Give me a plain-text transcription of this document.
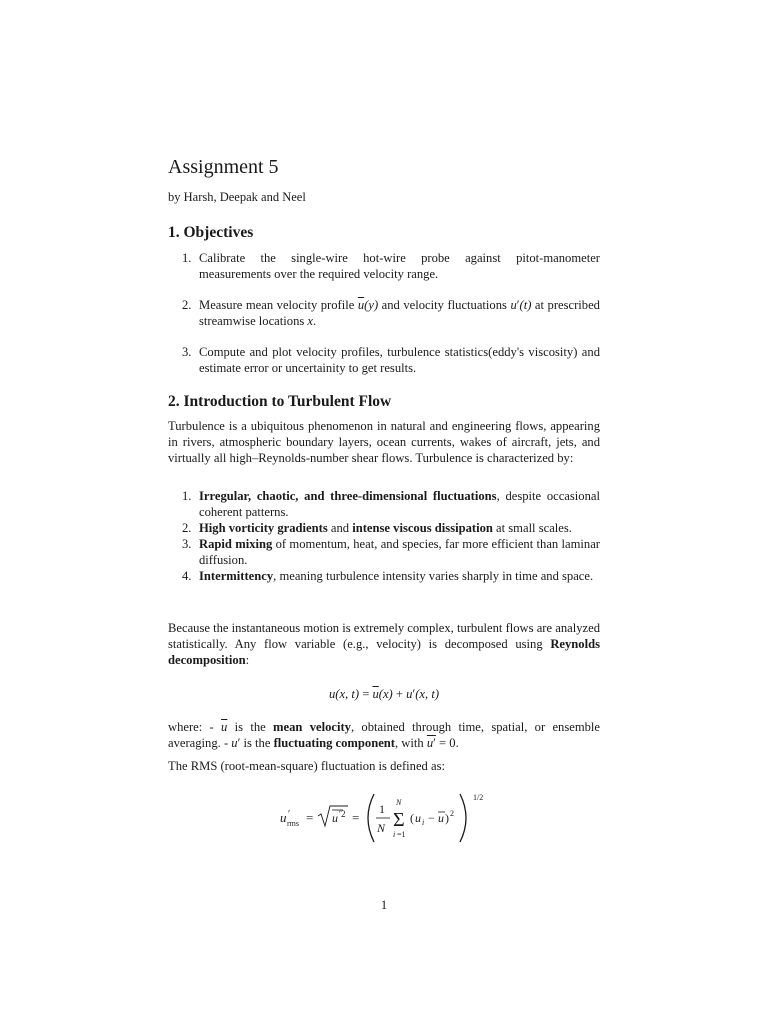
Assignment 5
by Harsh, Deepak and Neel
1. Objectives
1. Calibrate the single-wire hot-wire probe against pitot-manometer measurements over the required velocity range.
2. Measure mean velocity profile $\overline{u}(y)$ and velocity fluctuations u′(t) at prescribed streamwise locations x.
3. Compute and plot velocity profiles, turbulence statistics(eddy's viscosity) and estimate error or uncertainity to get results.
2. Introduction to Turbulent Flow

Turbulence is a ubiquitous phenomenon in natural and engineering flows, appearing in rivers, atmospheric boundary layers, ocean currents, wakes of aircraft, jets, and virtually all high–Reynolds-number shear flows. Turbulence is characterized by:

1. Irregular, chaotic, and three-dimensional fluctuations, despite occasional coherent patterns.
2. High vorticity gradients and intense viscous dissipation at small scales.
3. Rapid mixing of momentum, heat, and species, far more efficient than laminar diffusion.
4. Intermittency, meaning turbulence intensity varies sharply in time and space.

Because the instantaneous motion is extremely complex, turbulent flows are analyzed statistically. Any flow variable (e.g., velocity) is decomposed using Reynolds decomposition:

u(x, $t) = \overline{u}(x) + u'(x$, t)

where: - $\overline{u}$ is the mean velocity, obtained through time, spatial, or ensemble averaging. - u′ is the fluctuating component, with u′ = 0.

The RMS (root-mean-square) fluctuation is defined as:

u ′
rms = u ′2 =
1
N
N
Σ
i =1
( u i − u ) 2
1/2
1
